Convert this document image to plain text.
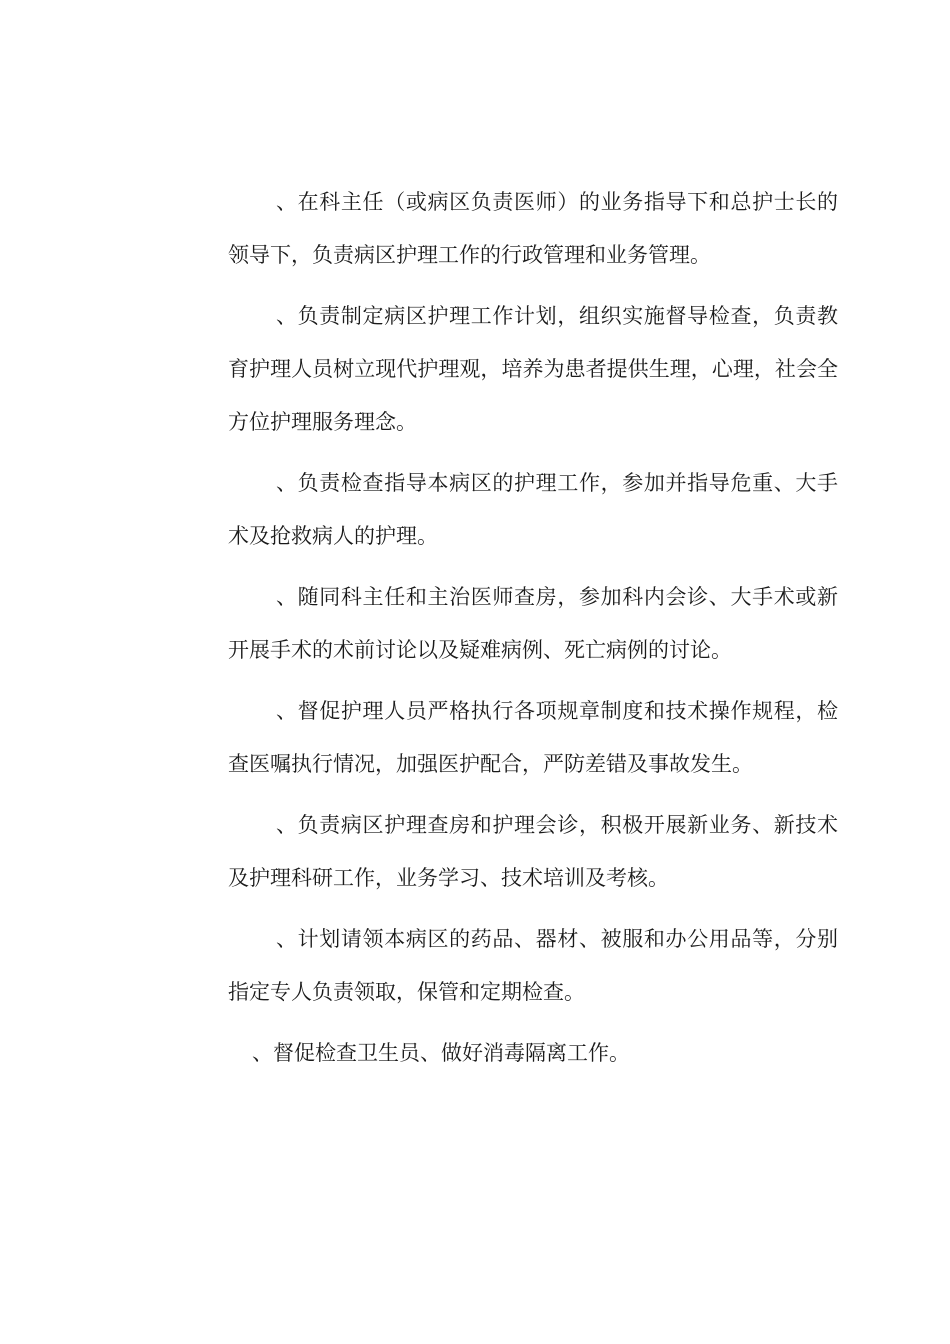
、在科主任（或病区负责医师）的业务指导下和总护士长的领导下，负责病区护理工作的行政管理和业务管理。

、负责制定病区护理工作计划，组织实施督导检查，负责教育护理人员树立现代护理观，培养为患者提供生理，心理，社会全方位护理服务理念。

、负责检查指导本病区的护理工作，参加并指导危重、大手术及抢救病人的护理。

、随同科主任和主治医师查房，参加科内会诊、大手术或新开展手术的术前讨论以及疑难病例、死亡病例的讨论。

、督促护理人员严格执行各项规章制度和技术操作规程，检查医嘱执行情况，加强医护配合，严防差错及事故发生。

、负责病区护理查房和护理会诊，积极开展新业务、新技术及护理科研工作，业务学习、技术培训及考核。

、计划请领本病区的药品、器材、被服和办公用品等，分别指定专人负责领取，保管和定期检查。

、督促检查卫生员、做好消毒隔离工作。
